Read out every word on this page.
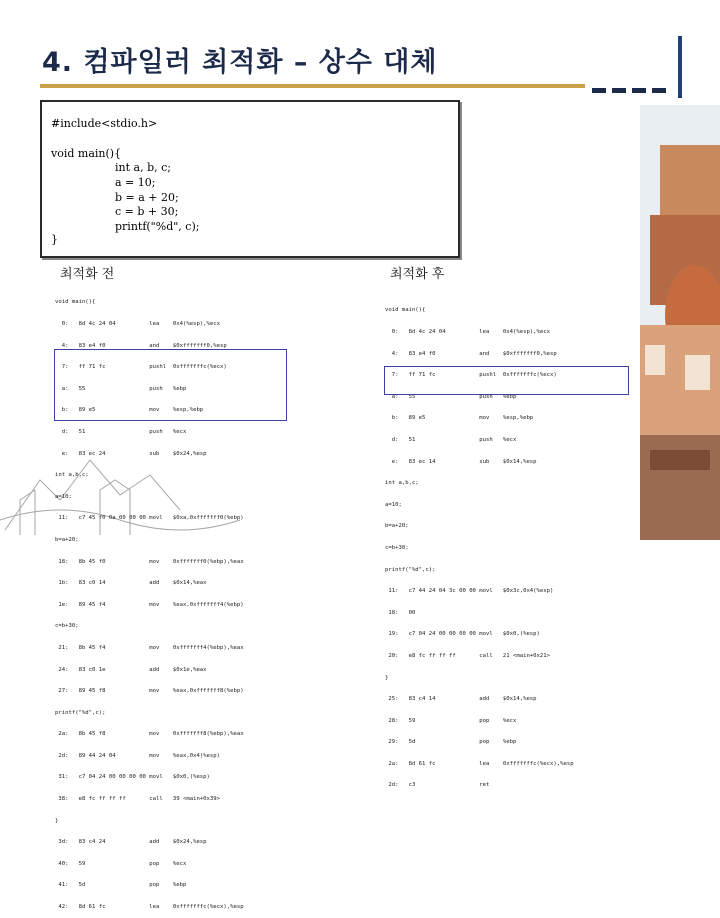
4. 컴파일러 최적화 – 상수 대체
#include<stdio.h>
void main(){
int a, b, c;
a = 10;
b = a + 20;
c = b + 30;
printf("%d", c);
}
최적화 전	최적화 후

void main(){

0:   8d 4c 24 04          lea    0x4(%esp),%ecx

4:   83 e4 f0             and    $0xfffffff0,%esp

7:   ff 71 fc             pushl  0xfffffffc(%ecx)

a:   55                   push   %ebp

b:   89 e5                mov    %esp,%ebp

d:   51                   push   %ecx

e:   83 ec 24             sub    $0x24,%esp

int a,b,c;

a=10;

11:   c7 45 f0 0a 00 00 00 movl   $0xa,0xfffffff0(%ebp)

b=a+20;

18:   8b 45 f0             mov    0xfffffff0(%ebp),%eax

1b:   83 c0 14             add    $0x14,%eax

1e:   89 45 f4             mov    %eax,0xfffffff4(%ebp)

c=b+30;

21:   8b 45 f4             mov    0xfffffff4(%ebp),%eax

24:   83 c0 1e             add    $0x1e,%eax

27:   89 45 f8             mov    %eax,0xfffffff8(%ebp)

printf("%d",c);

2a:   8b 45 f8             mov    0xfffffff8(%ebp),%eax

2d:   89 44 24 04          mov    %eax,0x4(%esp)

31:   c7 04 24 00 00 00 00 movl   $0x0,(%esp)

38:   e8 fc ff ff ff       call   39 <main+0x39>

}

3d:   83 c4 24             add    $0x24,%esp

40:   59                   pop    %ecx

41:   5d                   pop    %ebp

42:   8d 61 fc             lea    0xfffffffc(%ecx),%esp

void main(){

0:   8d 4c 24 04          lea    0x4(%esp),%ecx

4:   83 e4 f0             and    $0xfffffff0,%esp

7:   ff 71 fc             pushl  0xfffffffc(%ecx)

a:   55                   push   %ebp

b:   89 e5                mov    %esp,%ebp

d:   51                   push   %ecx

e:   83 ec 14             sub    $0x14,%esp

int a,b,c;

a=10;

b=a+20;

c=b+30;

printf("%d",c);

11:   c7 44 24 04 3c 00 00 movl   $0x3c,0x4(%esp)

18:   00

19:   c7 04 24 00 00 00 00 movl   $0x0,(%esp)

20:   e8 fc ff ff ff       call   21 <main+0x21>

}

25:   83 c4 14             add    $0x14,%esp

28:   59                   pop    %ecx

29:   5d                   pop    %ebp

2a:   8d 61 fc             lea    0xfffffffc(%ecx),%esp

2d:   c3                   ret
